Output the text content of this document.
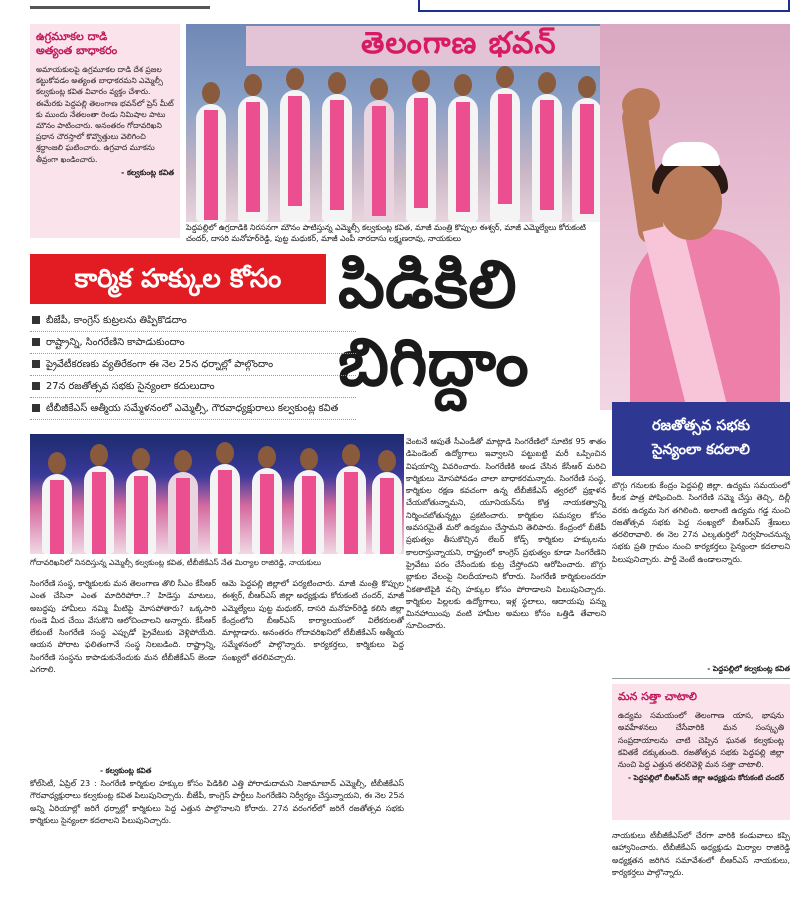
ఉగ్రమూకల దాడి
అత్యంత బాధాకరం
అమాయకులపై ఉగ్రమూకల దాడి దేశ ప్రజల కట్టుకోవడం అత్యంత బాధాకరమని ఎమ్మెల్సీ కల్వకుంట్ల కవిత వివారం వ్యక్తం చేశారు. ఈమేరకు పెద్దపల్లి తెలంగాణ భవన్‌లో ప్రెస్ మీట్ కు ముందు నేతలంతా రెండు నిమిషాల పాటు మౌనం పాటించారు. అనంతరం గోదావరిఖని ప్రధాన చౌరస్తాలో కొవ్వొత్తులు వెలిగించి శ్రద్ధాంజలి ఘటించారు. ఉగ్రవాద మూకను తీవ్రంగా ఖండించారు.
- కల్వకుంట్ల కవిత
తెలంగాణ భవన్
పెద్దపల్లిలో ఉగ్రదాడికి నిరసనగా మౌనం పాటిస్తున్న ఎమ్మెల్సీ కల్వకుంట్ల కవిత, మాజీ మంత్రి కొప్పుల ఈశ్వర్, మాజీ ఎమ్మెల్యేలు కోరుకంటి చందర్, దాసరి మనోహర్‌రెడ్డి, పుట్ట మధుకర్, మాజీ ఎంపీ నారదాసు లక్ష్మణరావు, నాయకులు
కార్మిక హక్కుల కోసం పిడికిలి
బిగిద్దాం
బీజేపీ, కాంగ్రెస్ కుట్రలను తిప్పికొడదాం
రాష్ట్రాన్ని, సింగరేణిని కాపాడుకుందాం
ప్రైవేటీకరణకు వ్యతిరేకంగా ఈ నెల 25న ధర్నాల్లో పాల్గొందాం
27న రజతోత్సవ సభకు సైన్యంలా కదులుదాం
టీబీజీకేఎస్ ఆత్మీయ సమ్మేళనంలో ఎమ్మెల్సీ, గౌరవాధ్యక్షురాలు కల్వకుంట్ల కవిత
గోదావరిఖనిలో నినదిస్తున్న ఎమ్మెల్సీ కల్వకుంట్ల కవిత, టీబీజీకేఎస్ నేత మిర్యాల రాజిరెడ్డి, నాయకులు
సింగరేణి సంస్థ, కార్మికులకు మన తెలంగాణ తొలి సీఎం కేసీఆర్ ఎంత చేసినా ఎంత మాదిరిపోరా..? హిడెస్తు మాటలు, అబద్ధపు హామీలు నమ్మి మీటిపై మోసపోతారు? ఒక్కసారి గుండె మీద చేయి వేసుకొని ఆలోచించాలని అన్నారు. కేసీఆర్ లేకుంటే సింగరేణి సంస్థ ఎప్పుడో ప్రైవేటుకు వెళ్లిపోయేది. ఆయన పోరాట ఫలితంగానే సంస్థ నిలబడింది. రాష్ట్రాన్ని, సింగరేణి సంస్థను కాపాడుకునేందుకు మన టీబీజీకేఎస్ జెండా ఎగరాలి.
ఆమె పెద్దపల్లి జిల్లాలో పర్యటించారు. మాజీ మంత్రి కొప్పుల ఈశ్వర్, బీఆర్ఎస్ జిల్లా అధ్యక్షుడు కోరుకంటి చందర్, మాజీ ఎమ్మెల్యేలు పుట్ట మధుకర్, దాసరి మనోహర్‌రెడ్డి కలిసి జిల్లా కేంద్రంలోని బీఆర్ఎస్ కార్యాలయంలో విలేకరులతో మాట్లాడారు. అనంతరం గోదావరిఖనిలో టీబీజీకేఎస్ ఆత్మీయ సమ్మేళనంలో పాల్గొన్నారు. కార్యకర్తలు, కార్మికులు పెద్ద సంఖ్యలో తరలివచ్చారు.
- కల్వకుంట్ల కవిత
కోల్‌సిటీ, ఏప్రిల్ 23 : సింగరేణి కార్మికుల హక్కుల కోసం పిడికిలి ఎత్తి పోరాడుదామని నిజామాబాద్ ఎమ్మెల్సీ, టీబీజీకేఎస్ గౌరవాధ్యక్షురాలు కల్వకుంట్ల కవిత పిలుపునిచ్చారు. బీజేపీ, కాంగ్రెస్ పార్టీలు సింగరేణిని నిర్వీర్యం చేస్తున్నాయని, ఈ నెల 25న అన్ని ఏరియాల్లో జరిగే ధర్నాల్లో కార్మికులు పెద్ద ఎత్తున పాల్గొనాలని కోరారు. 27న వరంగల్‌లో జరిగే రజతోత్సవ సభకు కార్మికులు సైన్యంలా కదలాలని పిలుపునిచ్చారు.
వెంటనే ఆపుతే సీఎండీతో మాట్లాడి సింగరేణిలో సూటిక 95 శాతం డిపెండెంట్ ఉద్యోగాలు ఇవ్వాలని పట్టుబట్టి మరీ ఒప్పించిన విషయాన్ని వివరించారు. సింగరేణికి అండ చేసిన కేసీఆర్ మరిచి కార్మికులు మోసపోవడం చాలా బాధాకరమన్నారు. సింగరేణి సంస్థ, కార్మికుల రక్షణ కవచంగా ఉన్న టీబీజీకేఎస్ త్వరలో ప్రక్షాళన చేయబోతున్నామని, యూనియన్‌ను కొత్త నాయకత్వాన్ని నిర్మించబోతున్నట్లు ప్రకటించారు. కార్మికుల సమస్యల కోసం అవసరమైతే మరో ఉద్యమం చేస్తామని తెలిపారు. కేంద్రంలో బీజేపీ ప్రభుత్వం తీసుకొచ్చిన లేబర్ కోడ్స్ కార్మికుల హక్కులను కాలరాస్తున్నాయని, రాష్ట్రంలో కాంగ్రెస్ ప్రభుత్వం కూడా సింగరేణిని ప్రైవేటు పరం చేసేందుకు కుట్ర చేస్తోందని ఆరోపించారు. బొగ్గు బ్లాకుల వేలంపై నిలదీయాలని కోరారు. సింగరేణి కార్మికులందరూ ఏకతాటిపైకి వచ్చి హక్కుల కోసం పోరాడాలని పిలుపునిచ్చారు. కార్మికుల పిల్లలకు ఉద్యోగాలు, ఇళ్ల స్థలాలు, ఆదాయపు పన్ను మినహాయింపు వంటి హామీల అమలు కోసం ఒత్తిడి తేవాలని సూచించారు.
రజతోత్సవ సభకు
సైన్యంలా కదలాలి
బొగ్గు గనులకు కేంద్రం పెద్దపల్లి జిల్లా. ఉద్యమ సమయంలో కీలక పాత్ర పోషించింది. సింగరేణి సమ్మె చేస్తు తెచ్చి, దిల్లీ వరకు ఉద్యమ సెగ తగిలింది. అలాంటి ఉద్యమ గడ్డ నుంచి రజతోత్సవ సభకు పెద్ద సంఖ్యలో బీఆర్ఎస్ శ్రేణులు తరలిరావాలి. ఈ నెల 27న ఎల్కతుర్తిలో నిర్వహించనున్న సభకు ప్రతి గ్రామం నుంచి కార్యకర్తలు సైన్యంలా కదలాలని పిలుపునిచ్చారు. పార్టీ వెంటే ఉండాలన్నారు.
- పెద్దపల్లిలో కల్వకుంట్ల కవిత
మన సత్తా చాటాలి
ఉద్యమ సమయంలో తెలంగాణ యాస, భాషను అవహేళనలు చేసేవారికి మన సంస్కృతి సంప్రదాయాలను చాటి చెప్పిన ఘనత కల్వకుంట్ల కవితకే దక్కుతుంది. రజతోత్సవ సభకు పెద్దపల్లి జిల్లా నుంచి పెద్ద ఎత్తున తరలివెళ్లి మన సత్తా చాటాలి.
- పెద్దపల్లిలో బీఆర్ఎస్ జిల్లా అధ్యక్షుడు కోరుకంటి చందర్
నాయకులు టీబీజీకేఎస్‌లో చేరగా వారికి కండువాలు కప్పి ఆహ్వానించారు. టీబీజీకేఎస్ అధ్యక్షుడు మిర్యాల రాజిరెడ్డి అధ్యక్షతన జరిగిన సమావేశంలో బీఆర్ఎస్ నాయకులు, కార్యకర్తలు పాల్గొన్నారు.
